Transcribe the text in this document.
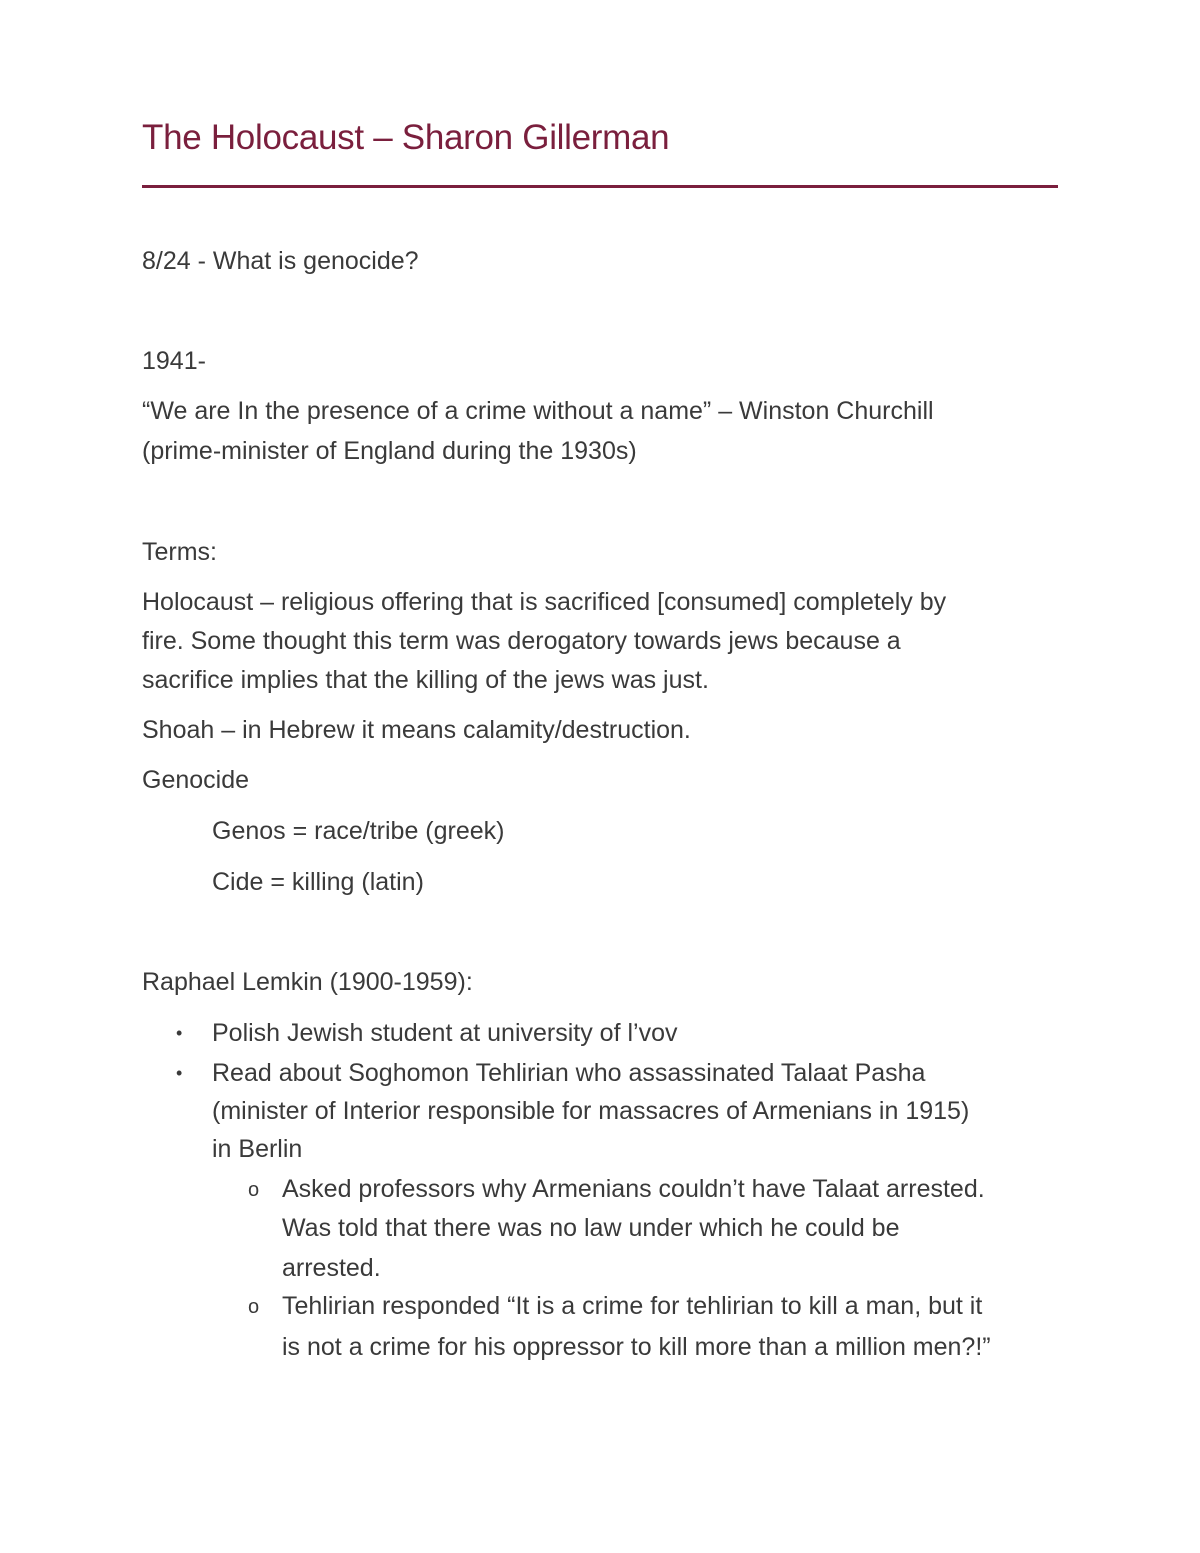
The Holocaust – Sharon Gillerman
8/24 - What is genocide?
1941-
“We are In the presence of a crime without a name” – Winston Churchill
(prime-minister of England during the 1930s)
Terms:
Holocaust – religious offering that is sacrificed [consumed] completely by
fire. Some thought this term was derogatory towards jews because a
sacrifice implies that the killing of the jews was just.
Shoah – in Hebrew it means calamity/destruction.
Genocide
Genos = race/tribe (greek)
Cide = killing (latin)
Raphael Lemkin (1900-1959):
• Polish Jewish student at university of l’vov
• Read about Soghomon Tehlirian who assassinated Talaat Pasha
(minister of Interior responsible for massacres of Armenians in 1915)
in Berlin
o Asked professors why Armenians couldn’t have Talaat arrested.
Was told that there was no law under which he could be
arrested.
o Tehlirian responded “It is a crime for tehlirian to kill a man, but it
is not a crime for his oppressor to kill more than a million men?!”
